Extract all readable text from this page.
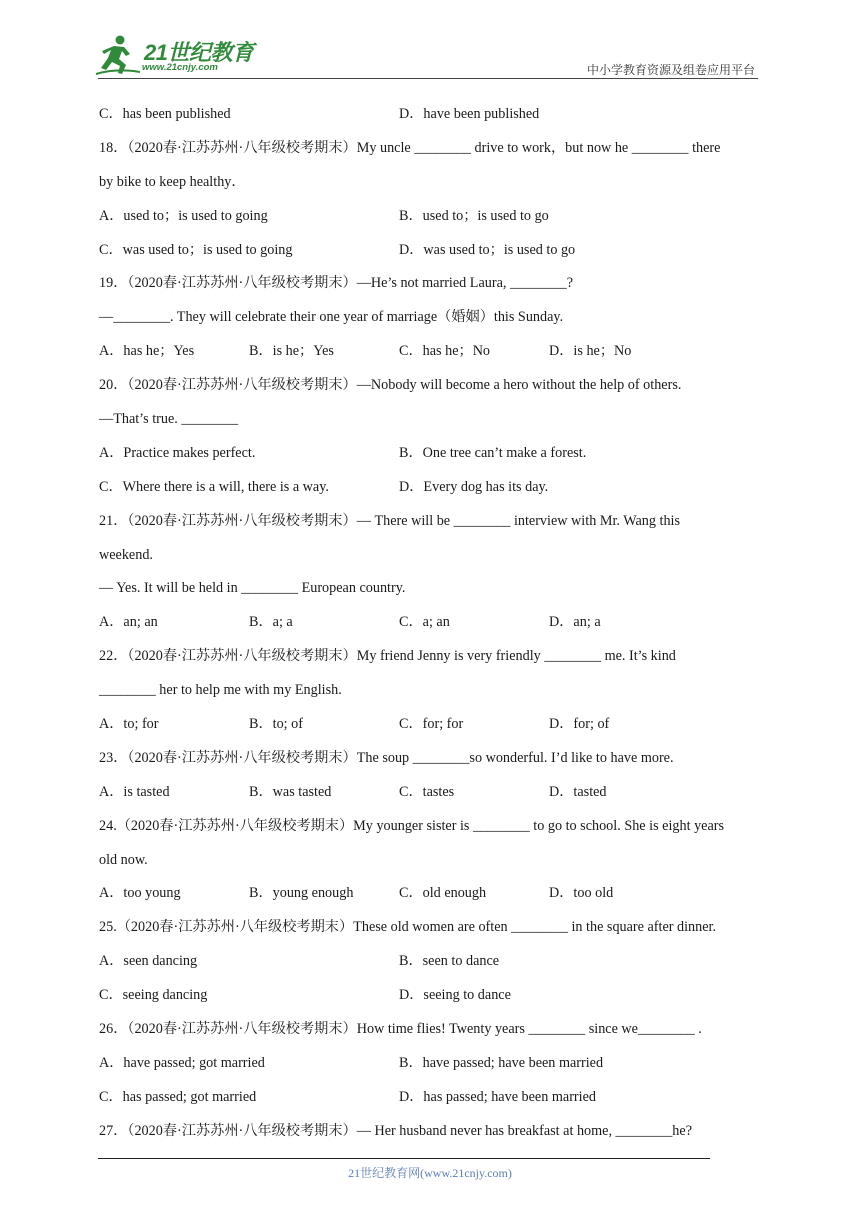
21世纪教育
www.21cnjy.com	中小学教育资源及组卷应用平台
C．has been published	D．have been published
18．（2020春·江苏苏州·八年级校考期末）My uncle ________ drive to work，but now he ________ there
by bike to keep healthy．
A．used to；is used to going	B．used to；is used to go
C．was used to；is used to going	D．was used to；is used to go
19．（2020春·江苏苏州·八年级校考期末）—He’s not married Laura, ________?
—________. They will celebrate their one year of marriage（婚姻）this Sunday.
A．has he；Yes	B．is he；Yes	C．has he；No	D．is he；No
20．（2020春·江苏苏州·八年级校考期末）—Nobody will become a hero without the help of others.
—That’s true. ________
A．Practice makes perfect.	B．One tree can’t make a forest.
C．Where there is a will, there is a way.	D．Every dog has its day.
21．（2020春·江苏苏州·八年级校考期末）— There will be ________ interview with Mr. Wang this
weekend.
— Yes. It will be held in ________ European country.
A．an; an	B．a; a	C．a; an	D．an; a
22．（2020春·江苏苏州·八年级校考期末）My friend Jenny is very friendly ________ me. It’s kind
________ her to help me with my English.
A．to; for	B．to; of	C．for; for	D．for; of
23．（2020春·江苏苏州·八年级校考期末）The soup ________so wonderful. I’d like to have more.
A．is tasted	B．was tasted	C．tastes	D．tasted
24.（2020春·江苏苏州·八年级校考期末）My younger sister is ________ to go to school. She is eight years
old now.
A．too young	B．young enough	C．old enough	D．too old
25.（2020春·江苏苏州·八年级校考期末）These old women are often ________ in the square after dinner.
A．seen dancing	B．seen to dance
C．seeing dancing	D．seeing to dance
26．（2020春·江苏苏州·八年级校考期末）How time flies! Twenty years ________ since we________ .
A．have passed; got married	B．have passed; have been married
C．has passed; got married	D．has passed; have been married
27．（2020春·江苏苏州·八年级校考期末）— Her husband never has breakfast at home, ________he?
21世纪教育网(www.21cnjy.com)
